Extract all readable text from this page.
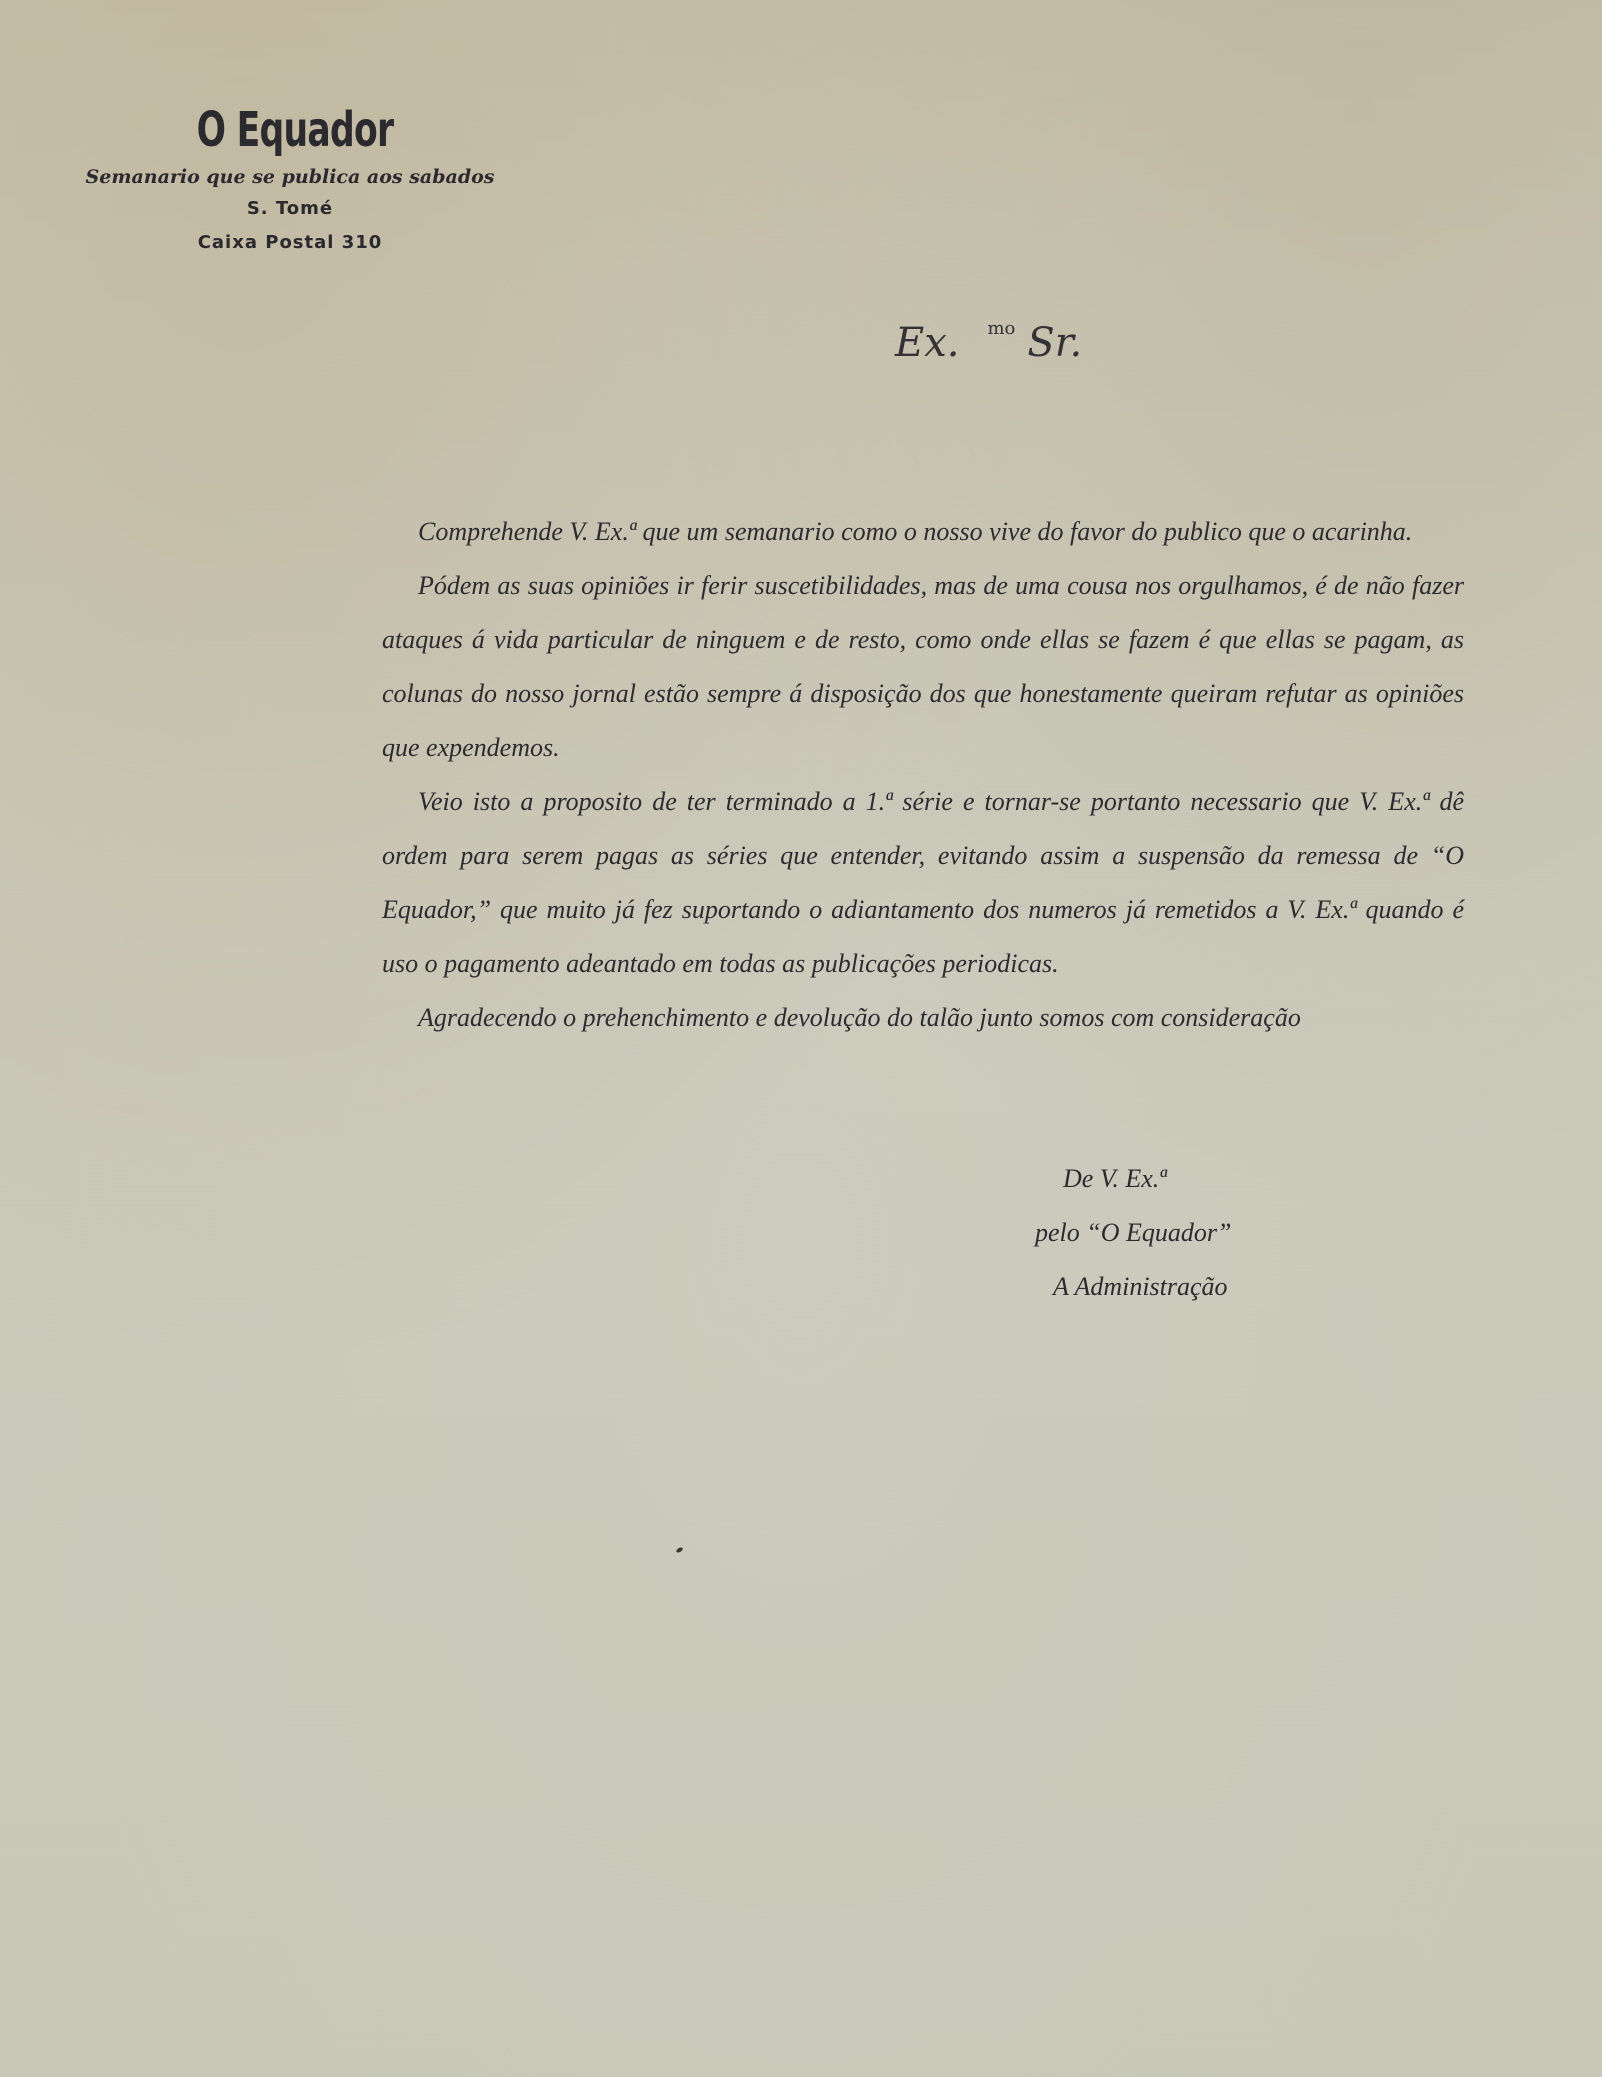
O Equador
Semanario que se publica aos sabados
S. Tomé
Caixa Postal 310
Ex. $^{mo}$ Sr.

Comprehende V. Ex.ª que um semanario como o nosso vive do favor do publico que o acarinha.

Pódem as suas opiniões ir ferir suscetibilidades, mas de uma cousa nos orgulhamos, é de não fazer ataques á vida particular de ninguem e de resto, como onde ellas se fazem é que ellas se pagam, as colunas do nosso jornal estão sempre á disposição dos que honestamente queiram refutar as opiniões que expendemos.

Veio isto a proposito de ter terminado a 1.ª série e tornar-se portanto necessario que V. Ex.ª dê ordem para serem pagas as séries que entender, evitando assim a suspensão da remessa de “O Equador,” que muito já fez suportando o adiantamento dos numeros já remetidos a V. Ex.ª quando é uso o pagamento adeantado em todas as publicações periodicas.

Agradecendo o prehenchimento e devolução do talão junto somos com consideração

De V. Ex.ª
pelo “O Equador”
A Administração
